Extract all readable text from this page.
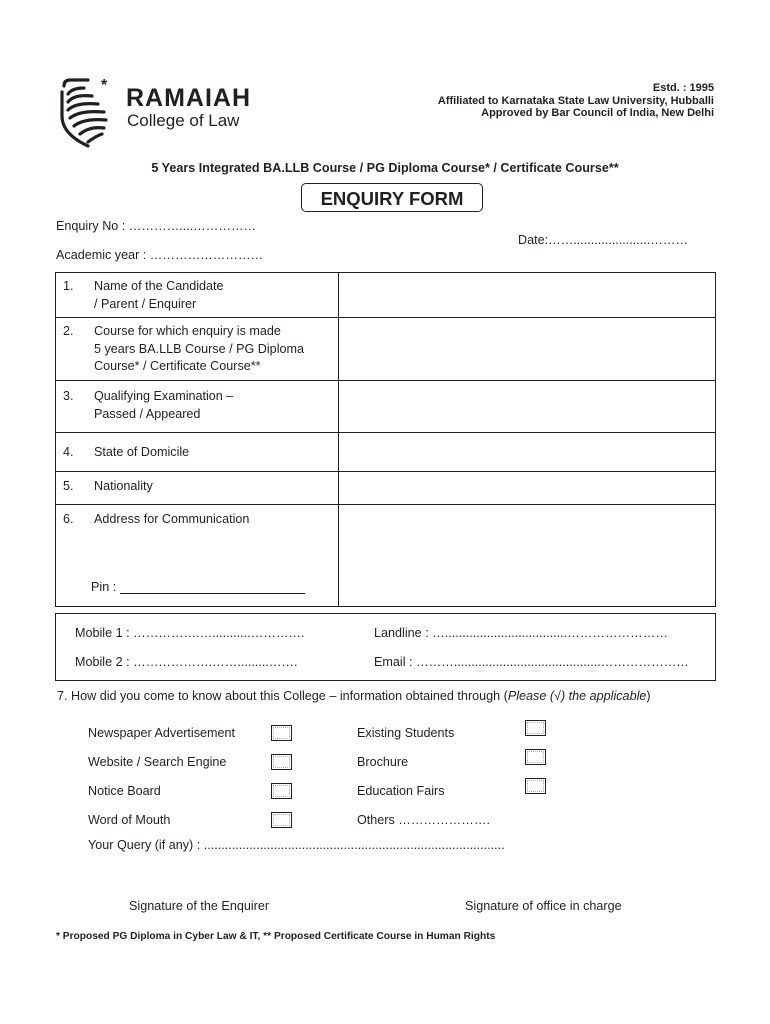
* RAMAIAH
College of Law
Estd. : 1995
Affiliated to Karnataka State Law University, Hubballi
Approved by Bar Council of India, New Delhi
5 Years Integrated BA.LLB Course / PG Diploma Course* / Certificate Course**
ENQUIRY FORM
Enquiry No : …………....……………
Date:……......................………
Academic year : ………………………
1. Name of the Candidate
/ Parent / Enquirer	

2. Course for which enquiry is made
5 years BA.LLB Course / PG Diploma
Course* / Certificate Course**	

3. Qualifying Examination –
Passed / Appeared	

4. State of Domicile	

5. Nationality	

6. Address for Communication
Pin :	

Mobile 1 : …………….…...........………….	Landline : …...................................……………………
Mobile 2 : ……………….…….........…….	Email : ………..........................................…………………
7. How did you come to know about this College – information obtained through (Please (√) the applicable)
Newspaper Advertisement
Website / Search Engine
Notice Board
Word of Mouth
Existing Students
Brochure
Education Fairs
Others ………………….
Your Query (if any) : ......................................................................................
Signature of the Enquirer	Signature of office in charge
* Proposed PG Diploma in Cyber Law & IT, ** Proposed Certificate Course in Human Rights
